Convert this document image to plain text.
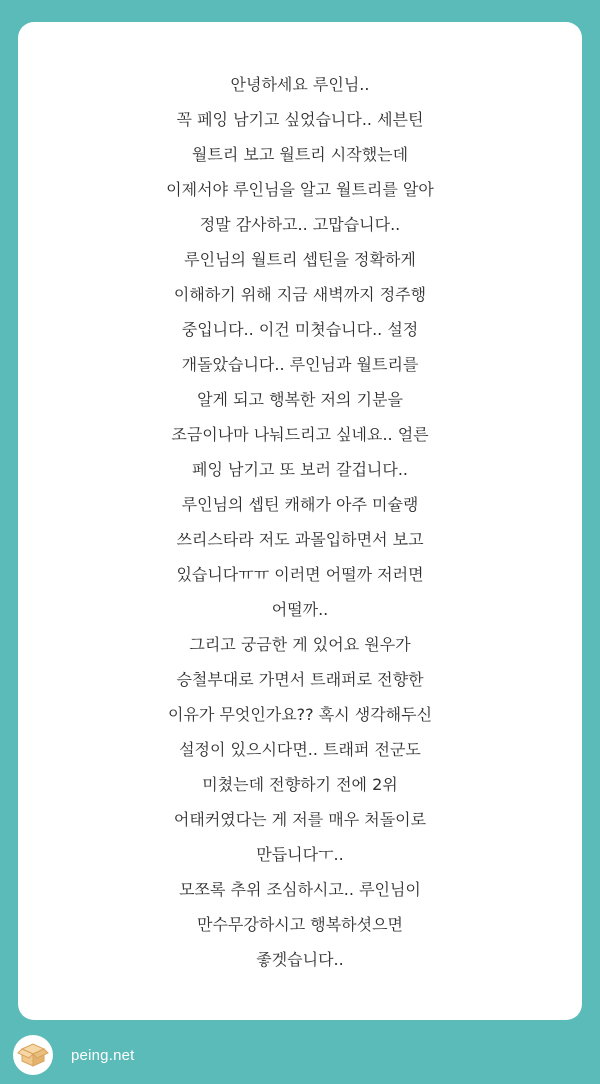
안녕하세요 루인님..
꼭 페잉 남기고 싶었습니다.. 세븐틴
월트리 보고 월트리 시작했는데
이제서야 루인님을 알고 월트리를 알아
정말 감사하고.. 고맙습니다..
루인님의 월트리 셉틴을 정확하게
이해하기 위해 지금 새벽까지 정주행
중입니다.. 이건 미쳣습니다.. 설정
개돌았습니다.. 루인님과 월트리를
알게 되고 행복한 저의 기분을
조금이나마 나눠드리고 싶네요.. 얼른
페잉 남기고 또 보러 갈겁니다..
루인님의 셉틴 캐해가 아주 미슐랭
쓰리스타라 저도 과몰입하면서 보고
있습니다ㅠㅠ 이러면 어떨까 저러면
어떨까..
그리고 궁금한 게 있어요 원우가
승철부대로 가면서 트래퍼로 전향한
이유가 무엇인가요?? 혹시 생각해두신
설정이 있으시다면.. 트래퍼 전군도
미쳤는데 전향하기 전에 2위
어태커였다는 게 저를 매우 처돌이로
만듭니다ㅜ..
모쪼록 추위 조심하시고.. 루인님이
만수무강하시고 행복하셧으면
좋겟습니다..
peing.net
